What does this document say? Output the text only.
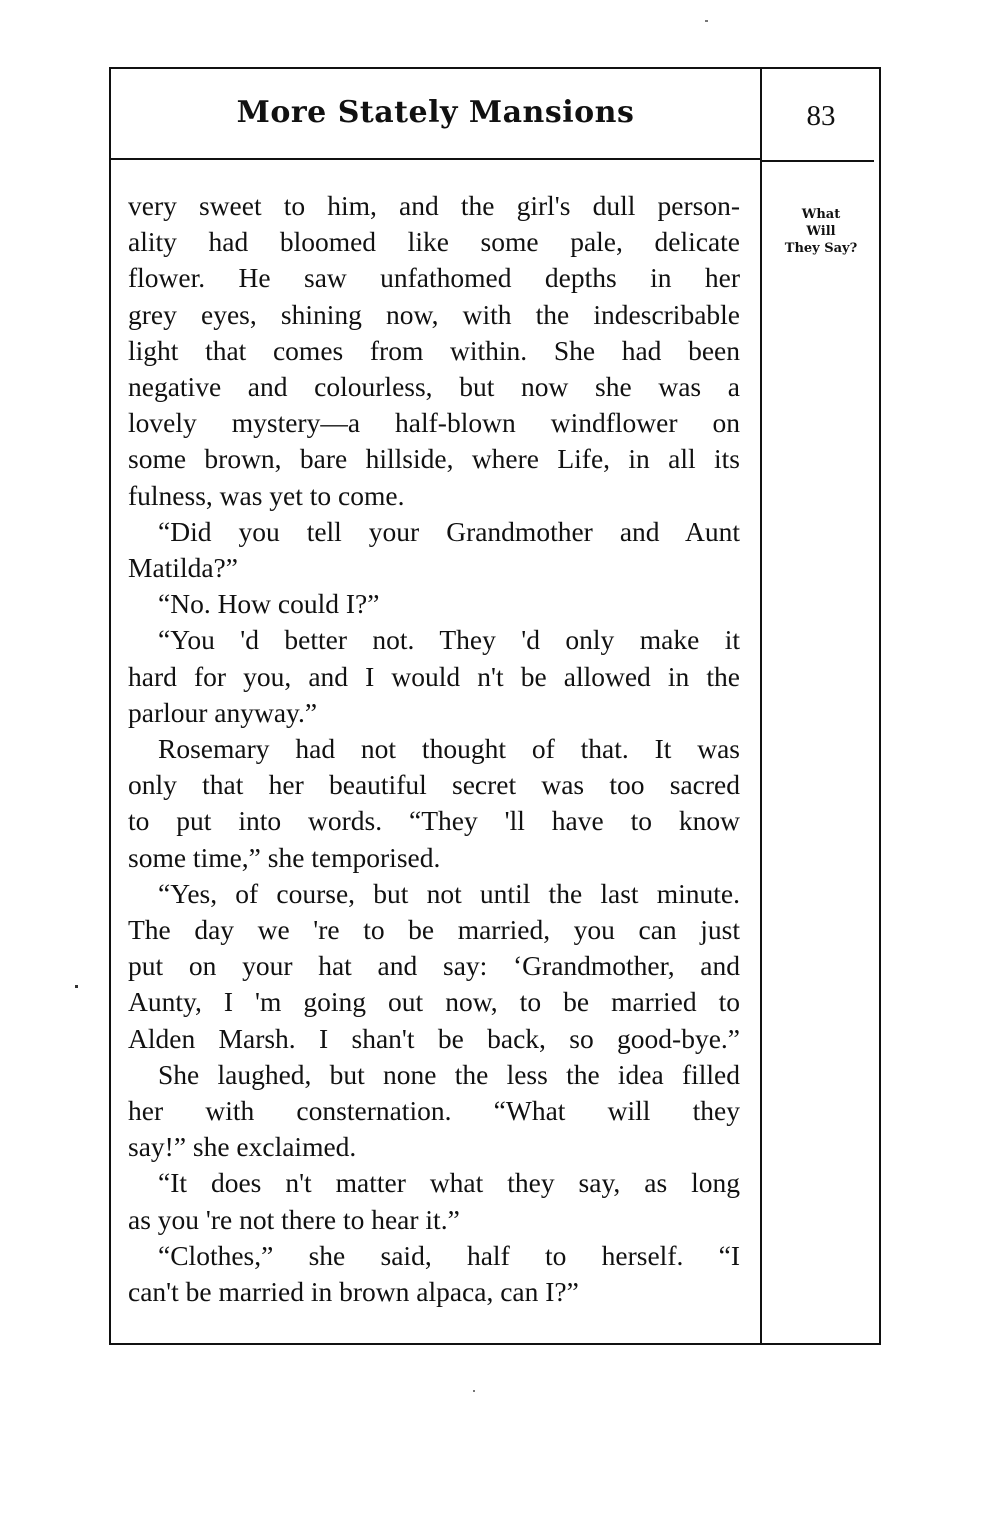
More Stately Mansions	83
What
Will
They Say?
very sweet to him, and the girl's dull person-
ality had bloomed like some pale, delicate
flower. He saw unfathomed depths in her
grey eyes, shining now, with the indescribable
light that comes from within. She had been
negative and colourless, but now she was a
lovely mystery—a half-blown windflower on
some brown, bare hillside, where Life, in all its
fulness, was yet to come.
“Did you tell your Grandmother and Aunt
Matilda?”
“No. How could I?”
“You 'd better not. They 'd only make it
hard for you, and I would n't be allowed in the
parlour anyway.”
Rosemary had not thought of that. It was
only that her beautiful secret was too sacred
to put into words. “They 'll have to know
some time,” she temporised.
“Yes, of course, but not until the last minute.
The day we 're to be married, you can just
put on your hat and say: ‘Grandmother, and
Aunty, I 'm going out now, to be married to
Alden Marsh. I shan't be back, so good-bye.”
She laughed, but none the less the idea filled
her with consternation. “What will they
say!” she exclaimed.
“It does n't matter what they say, as long
as you 're not there to hear it.”
“Clothes,” she said, half to herself. “I
can't be married in brown alpaca, can I?”
